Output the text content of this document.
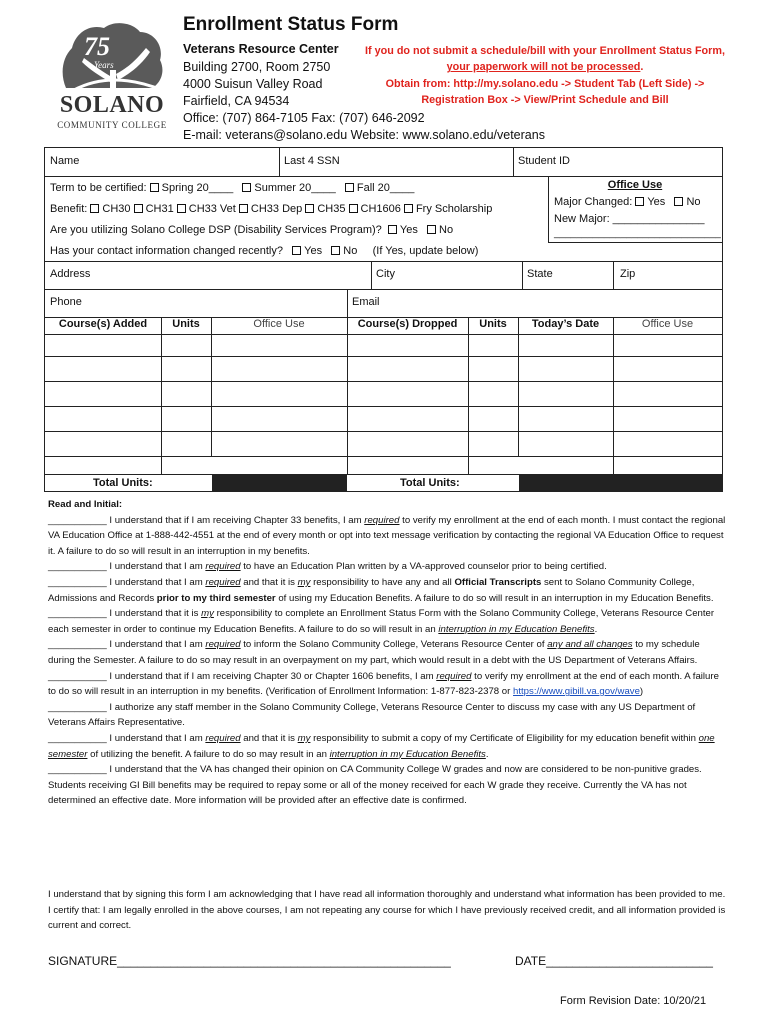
75
Years
SOLANO
COMMUNITY COLLEGE
Enrollment Status Form
Veterans Resource Center
Building 2700, Room 2750
4000 Suisun Valley Road
Fairfield, CA 94534
Office: (707) 864-7105 Fax: (707) 646-2092
E-mail: veterans@solano.edu Website: www.solano.edu/veterans
If you do not submit a schedule/bill with your Enrollment Status Form,
your paperwork will not be processed.
Obtain from: http://my.solano.edu -> Student Tab (Left Side) ->
Registration Box -> View/Print Schedule and Bill
Name	Last 4 SSN	Student ID
Term to be certified: Spring 20____ Summer 20____ Fall 20____
Benefit: CH30 CH31 CH33 Vet CH33 Dep CH35 CH1606 Fry Scholarship
Are you utilizing Solano College DSP (Disability Services Program)? Yes No
Has your contact information changed recently? Yes No (If Yes, update below)
Office Use
Major Changed: Yes No
New Major: _______________
______________________________
Address	City	State	Zip
Phone	Email
Course(s) Added	Units	Office Use	Course(s) Dropped	Units	Today’s Date	Office Use
Total Units:	Total Units:

Read and Initial:

___________ I understand that if I am receiving Chapter 33 benefits, I am required to verify my enrollment at the end of each month. I must contact the regional VA Education Office at 1-888-442-4551 at the end of every month or opt into text message verification by contacting the regional VA Education Office to request it. A failure to do so will result in an interruption in my benefits.

___________ I understand that I am required to have an Education Plan written by a VA-approved counselor prior to being certified.

___________ I understand that I am required and that it is my responsibility to have any and all Official Transcripts sent to Solano Community College, Admissions and Records prior to my third semester of using my Education Benefits. A failure to do so will result in an interruption in my Education Benefits.

___________ I understand that it is my responsibility to complete an Enrollment Status Form with the Solano Community College, Veterans Resource Center each semester in order to continue my Education Benefits. A failure to do so will result in an interruption in my Education Benefits.

___________ I understand that I am required to inform the Solano Community College, Veterans Resource Center of any and all changes to my schedule during the Semester. A failure to do so may result in an overpayment on my part, which would result in a debt with the US Department of Veterans Affairs.

___________ I understand that if I am receiving Chapter 30 or Chapter 1606 benefits, I am required to verify my enrollment at the end of each month. A failure to do so will result in an interruption in my benefits. (Verification of Enrollment Information: 1-877-823-2378 or https://www.gibill.va.gov/wave)

___________ I authorize any staff member in the Solano Community College, Veterans Resource Center to discuss my case with any US Department of Veterans Affairs Representative.

___________ I understand that I am required and that it is my responsibility to submit a copy of my Certificate of Eligibility for my education benefit within one semester of utilizing the benefit. A failure to do so may result in an interruption in my Education Benefits.

___________ I understand that the VA has changed their opinion on CA Community College W grades and now are considered to be non-punitive grades. Students receiving GI Bill benefits may be required to repay some or all of the money received for each W grade they receive. Currently the VA has not determined an effective date. More information will be provided after an effective date is confirmed.

I understand that by signing this form I am acknowledging that I have read all information thoroughly and understand what information has been provided to me. I certify that: I am legally enrolled in the above courses, I am not repeating any course for which I have previously received credit, and all information provided is current and correct.
SIGNATURE__________________________________________________	DATE_________________________
Form Revision Date: 10/20/21
